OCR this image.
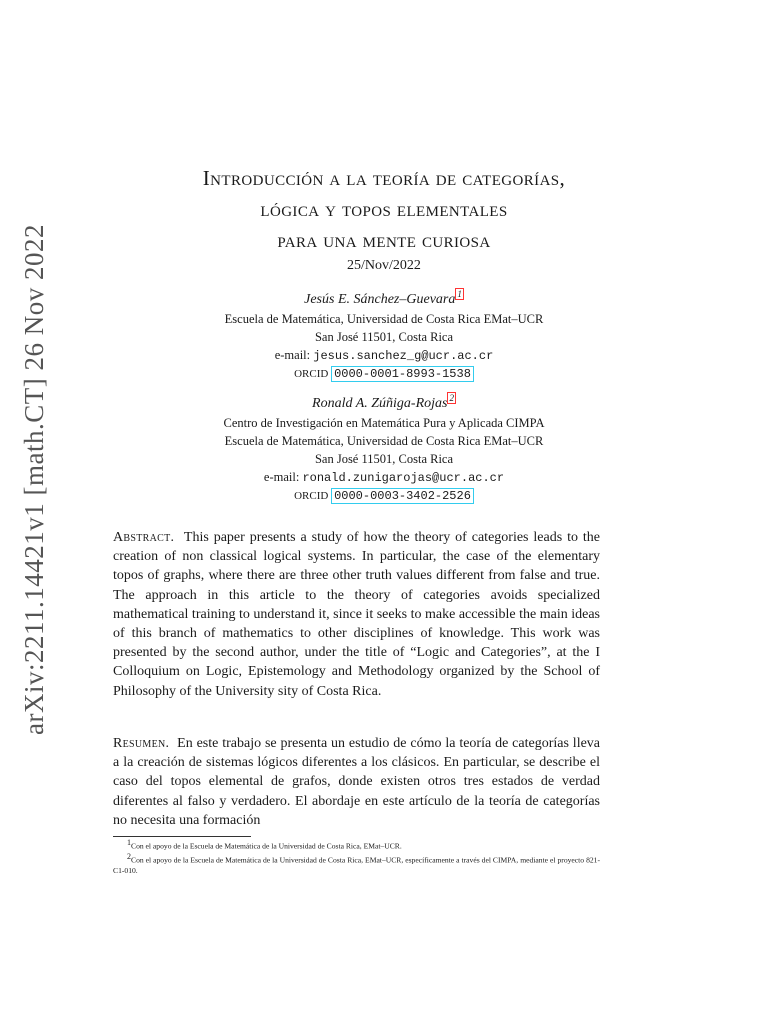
arXiv:2211.14421v1 [math.CT] 26 Nov 2022
Introducción a la teoría de categorías,
lógica y topos elementales
para una mente curiosa
25/Nov/2022
Jesús E. Sánchez–Guevara $^1$
Escuela de Matemática, Universidad de Costa Rica EMat–UCR
San José 11501, Costa Rica
e-mail: jesus.sanchez_g@ucr.ac.cr
ORCID 0000-0001-8993-1538
Ronald A. Zúñiga-Rojas $^2$
Centro de Investigación en Matemática Pura y Aplicada CIMPA
Escuela de Matemática, Universidad de Costa Rica EMat–UCR
San José 11501, Costa Rica
e-mail: ronald.zunigarojas@ucr.ac.cr
ORCID 0000-0003-3402-2526
Abstract. This paper presents a study of how the theory of categories leads to the creation of non classical logical systems. In particular, the case of the elementary topos of graphs, where there are three other truth values different from false and true. The approach in this article to the theory of categories avoids specialized mathematical training to understand it, since it seeks to make accessible the main ideas of this branch of mathematics to other disciplines of knowledge. This work was presented by the second author, under the title of “Logic and Categories”, at the I Colloquium on Logic, Epistemology and Methodology organized by the School of Philosophy of the University sity of Costa Rica.
Resumen. En este trabajo se presenta un estudio de cómo la teoría de categorías lleva a la creación de sistemas lógicos diferentes a los clásicos. En particular, se describe el caso del topos elemental de grafos, donde existen otros tres estados de verdad diferentes al falso y verdadero. El abordaje en este artículo de la teoría de categorías no necesita una formación
1Con el apoyo de la Escuela de Matemática de la Universidad de Costa Rica, EMat–UCR.
2Con el apoyo de la Escuela de Matemática de la Universidad de Costa Rica, EMat–UCR, específicamente a través del CIMPA, mediante el proyecto 821-C1-010.
